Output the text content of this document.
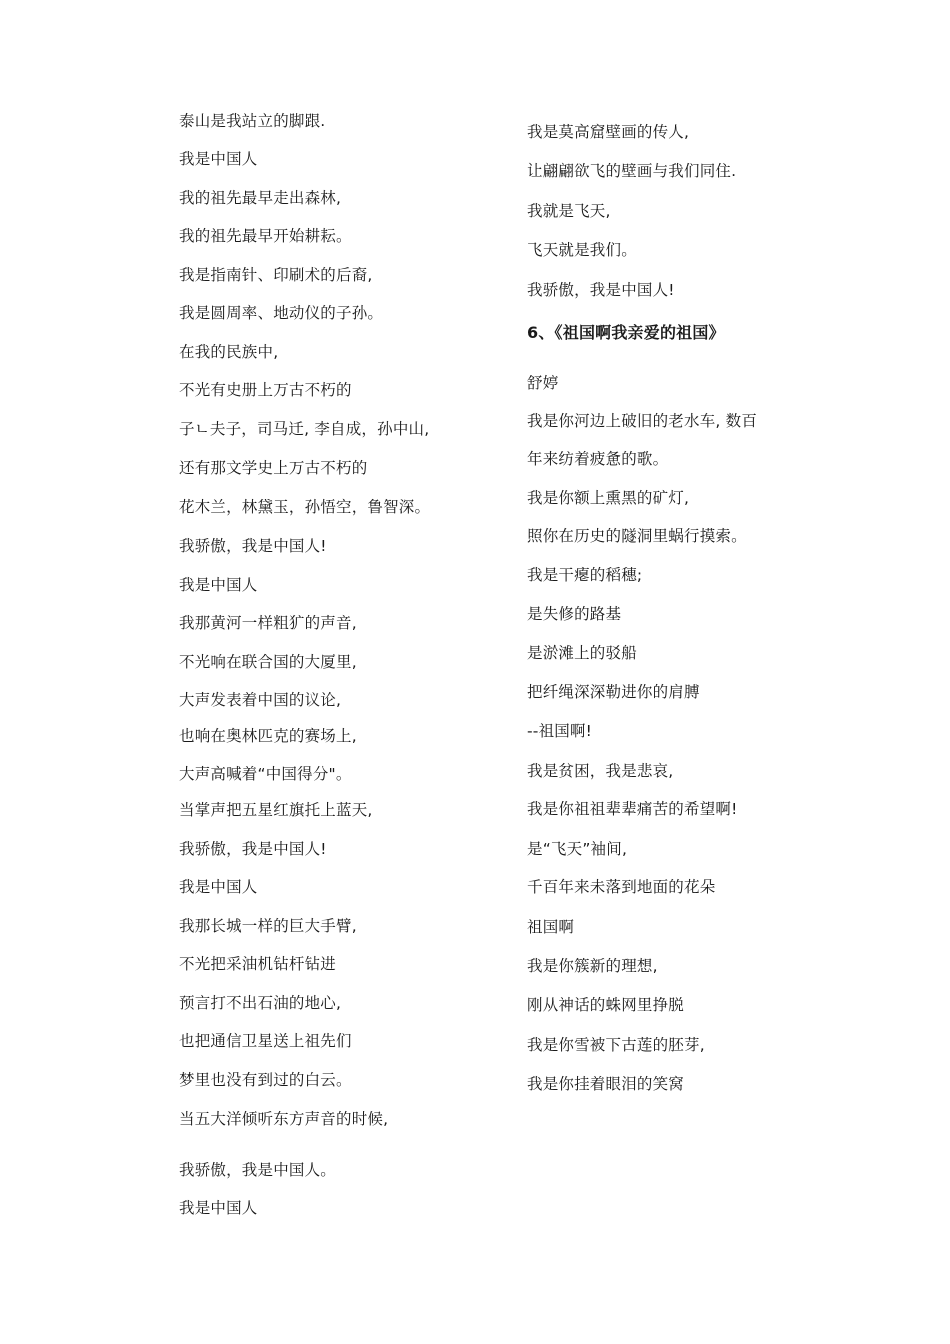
泰山是我站立的脚跟.
我是中国人
我的祖先最早走出森林,
我的祖先最早开始耕耘。
我是指南针、印刷术的后裔,
我是圆周率、地动仪的子孙。
在我的民族中,
不光有史册上万古不朽的
子ㄴ夫子，司马迁, 李自成，孙中山,
还有那文学史上万古不朽的
花木兰，林黛玉，孙悟空，鲁智深。
我骄傲，我是中国人!
我是中国人
我那黄河一样粗犷的声音,
不光响在联合国的大厦里,
大声发表着中国的议论,
也响在奥林匹克的赛场上,
大声高喊着“中国得分"。
当掌声把五星红旗托上蓝天,
我骄傲，我是中国人!
我是中国人
我那长城一样的巨大手臂,
不光把采油机钻杆钻进
预言打不出石油的地心,
也把通信卫星送上祖先们
梦里也没有到过的白云。
当五大洋倾听东方声音的时候,
我骄傲，我是中国人。
我是中国人
我是莫高窟壁画的传人,
让翩翩欲飞的壁画与我们同住.
我就是飞天,
飞天就是我们。
我骄傲，我是中国人!
6、《祖国啊我亲爱的祖国》
舒婷
我是你河边上破旧的老水车, 数百
年来纺着疲惫的歌。
我是你额上熏黑的矿灯,
照你在历史的隧洞里蜗行摸索。
我是干瘪的稻穗;
是失修的路基
是淤滩上的驳船
把纤绳深深勒进你的肩膊
--祖国啊!
我是贫困，我是悲哀,
我是你祖祖辈辈痛苦的希望啊!
是“飞天”袖间,
千百年来未落到地面的花朵
祖国啊
我是你簇新的理想,
刚从神话的蛛网里挣脱
我是你雪被下古莲的胚芽,
我是你挂着眼泪的笑窝
